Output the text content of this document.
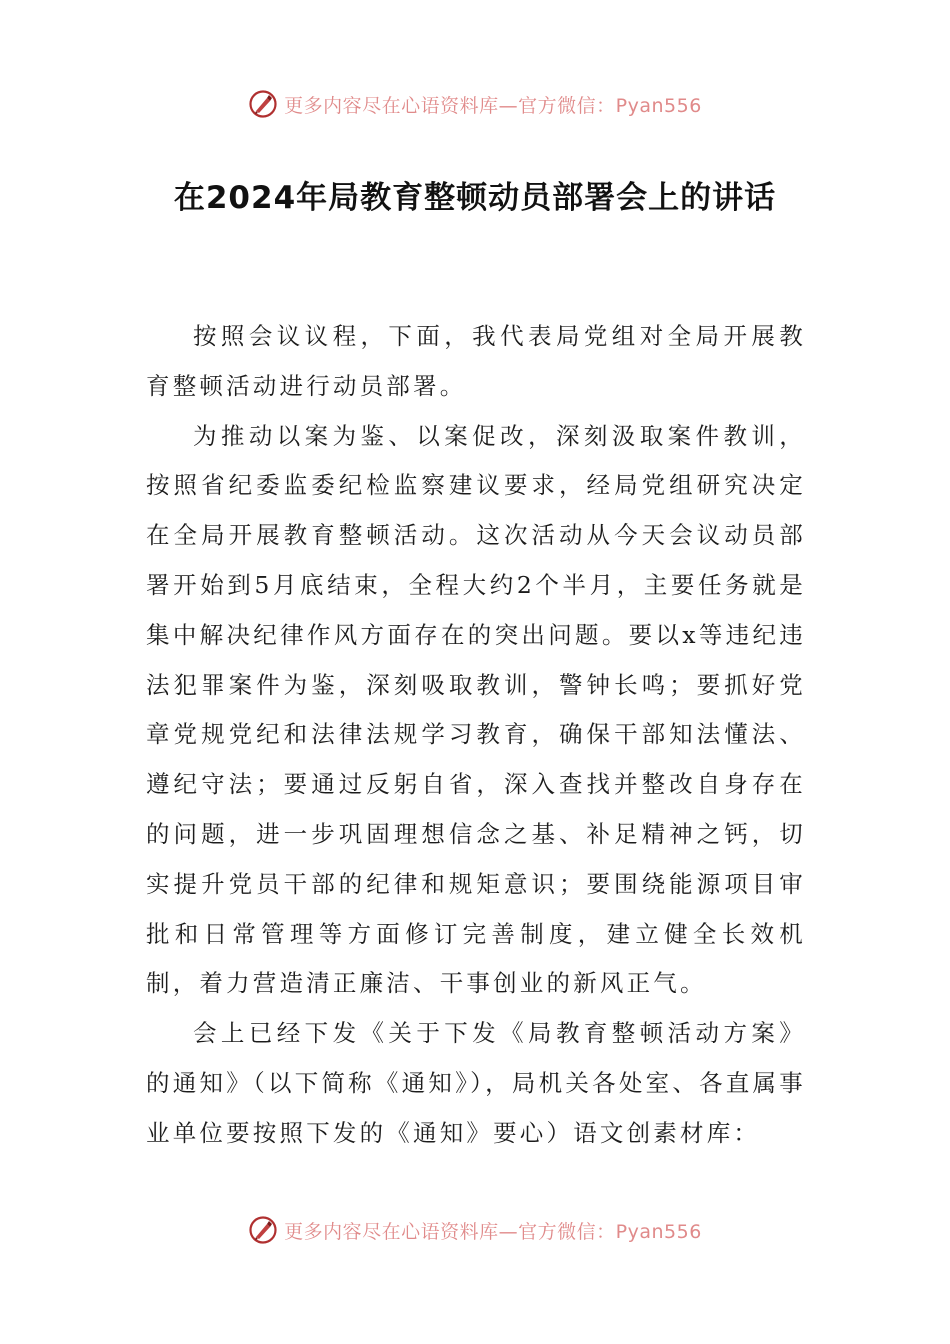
更多内容尽在心语资料库—官方微信：Pyan556
在2024年局教育整顿动员部署会上的讲话

按照会议议程，下面，我代表局党组对全局开展教育整顿活动进行动员部署。

为推动以案为鉴、以案促改，深刻汲取案件教训，按照省纪委监委纪检监察建议要求，经局党组研究决定在全局开展教育整顿活动。这次活动从今天会议动员部署开始到5月底结束，全程大约2个半月，主要任务就是集中解决纪律作风方面存在的突出问题。要以x等违纪违法犯罪案件为鉴，深刻吸取教训，警钟长鸣；要抓好党章党规党纪和法律法规学习教育，确保干部知法懂法、遵纪守法；要通过反躬自省，深入查找并整改自身存在的问题，进一步巩固理想信念之基、补足精神之钙，切实提升党员干部的纪律和规矩意识；要围绕能源项目审批和日常管理等方面修订完善制度，建立健全长效机制，着力营造清正廉洁、干事创业的新风正气。

会上已经下发《关于下发《局教育整顿活动方案》的通知》（以下简称《通知》），局机关各处室、各直属事业单位要按照下发的《通知》要心）语文创素材库：

更多内容尽在心语资料库—官方微信：Pyan556
